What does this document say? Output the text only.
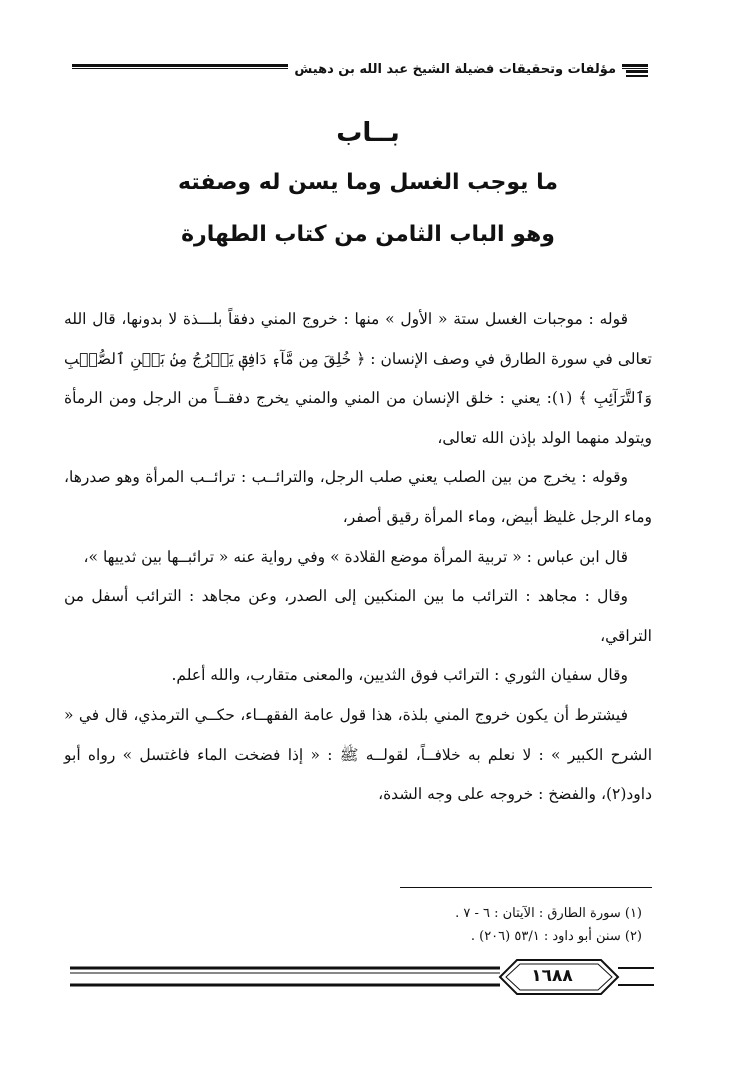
مؤلفات وتحقيقات فضيلة الشيخ عبد الله بن دهيش
بــاب
ما يوجب الغسل وما يسن له وصفته
وهو الباب الثامن من كتاب الطهارة

قوله : موجبات الغسل ستة « الأول » منها : خروج المني دفقاً بلـــذة لا بدونها، قال الله تعالى في سورة الطارق في وصف الإنسان : ﴿ خُلِقَ مِن مَّآءٖ دَافِقٖ يَخۡرُجُ مِنۢ بَيۡنِ ٱلصُّلۡبِ وَٱلتَّرَآئِبِ ﴾ (١): يعني : خلق الإنسان من المني والمني يخرج دفقــاً من الرجل ومن الرمأة ويتولد منهما الولد بإذن الله تعالى،

وقوله : يخرج من بين الصلب يعني صلب الرجل، والترائــب : ترائــب المرأة وهو صدرها، وماء الرجل غليظ أبيض، وماء المرأة رقيق أصفر،

قال ابن عباس : « تربية المرأة موضع القلادة » وفي رواية عنه « ترائبــها بين ثدييها »،

وقال : مجاهد : الترائب ما بين المنكبين إلى الصدر، وعن مجاهد : الترائب أسفل من التراقي،

وقال سفيان الثوري : الترائب فوق الثديين، والمعنى متقارب، والله أعلم.

فيشترط أن يكون خروج المني بلذة، هذا قول عامة الفقهــاء، حكــي الترمذي، قال في « الشرح الكبير » : لا نعلم به خلافــاً، لقولــه ﷺ : « إذا فضخت الماء فاغتسل » رواه أبو داود(٢)، والفضخ : خروجه على وجه الشدة،

(١) سورة الطارق : الآيتان : ٦ - ٧ .
(٢) سنن أبو داود : ٥٣/١ (٢٠٦) .
١٦٨٨
